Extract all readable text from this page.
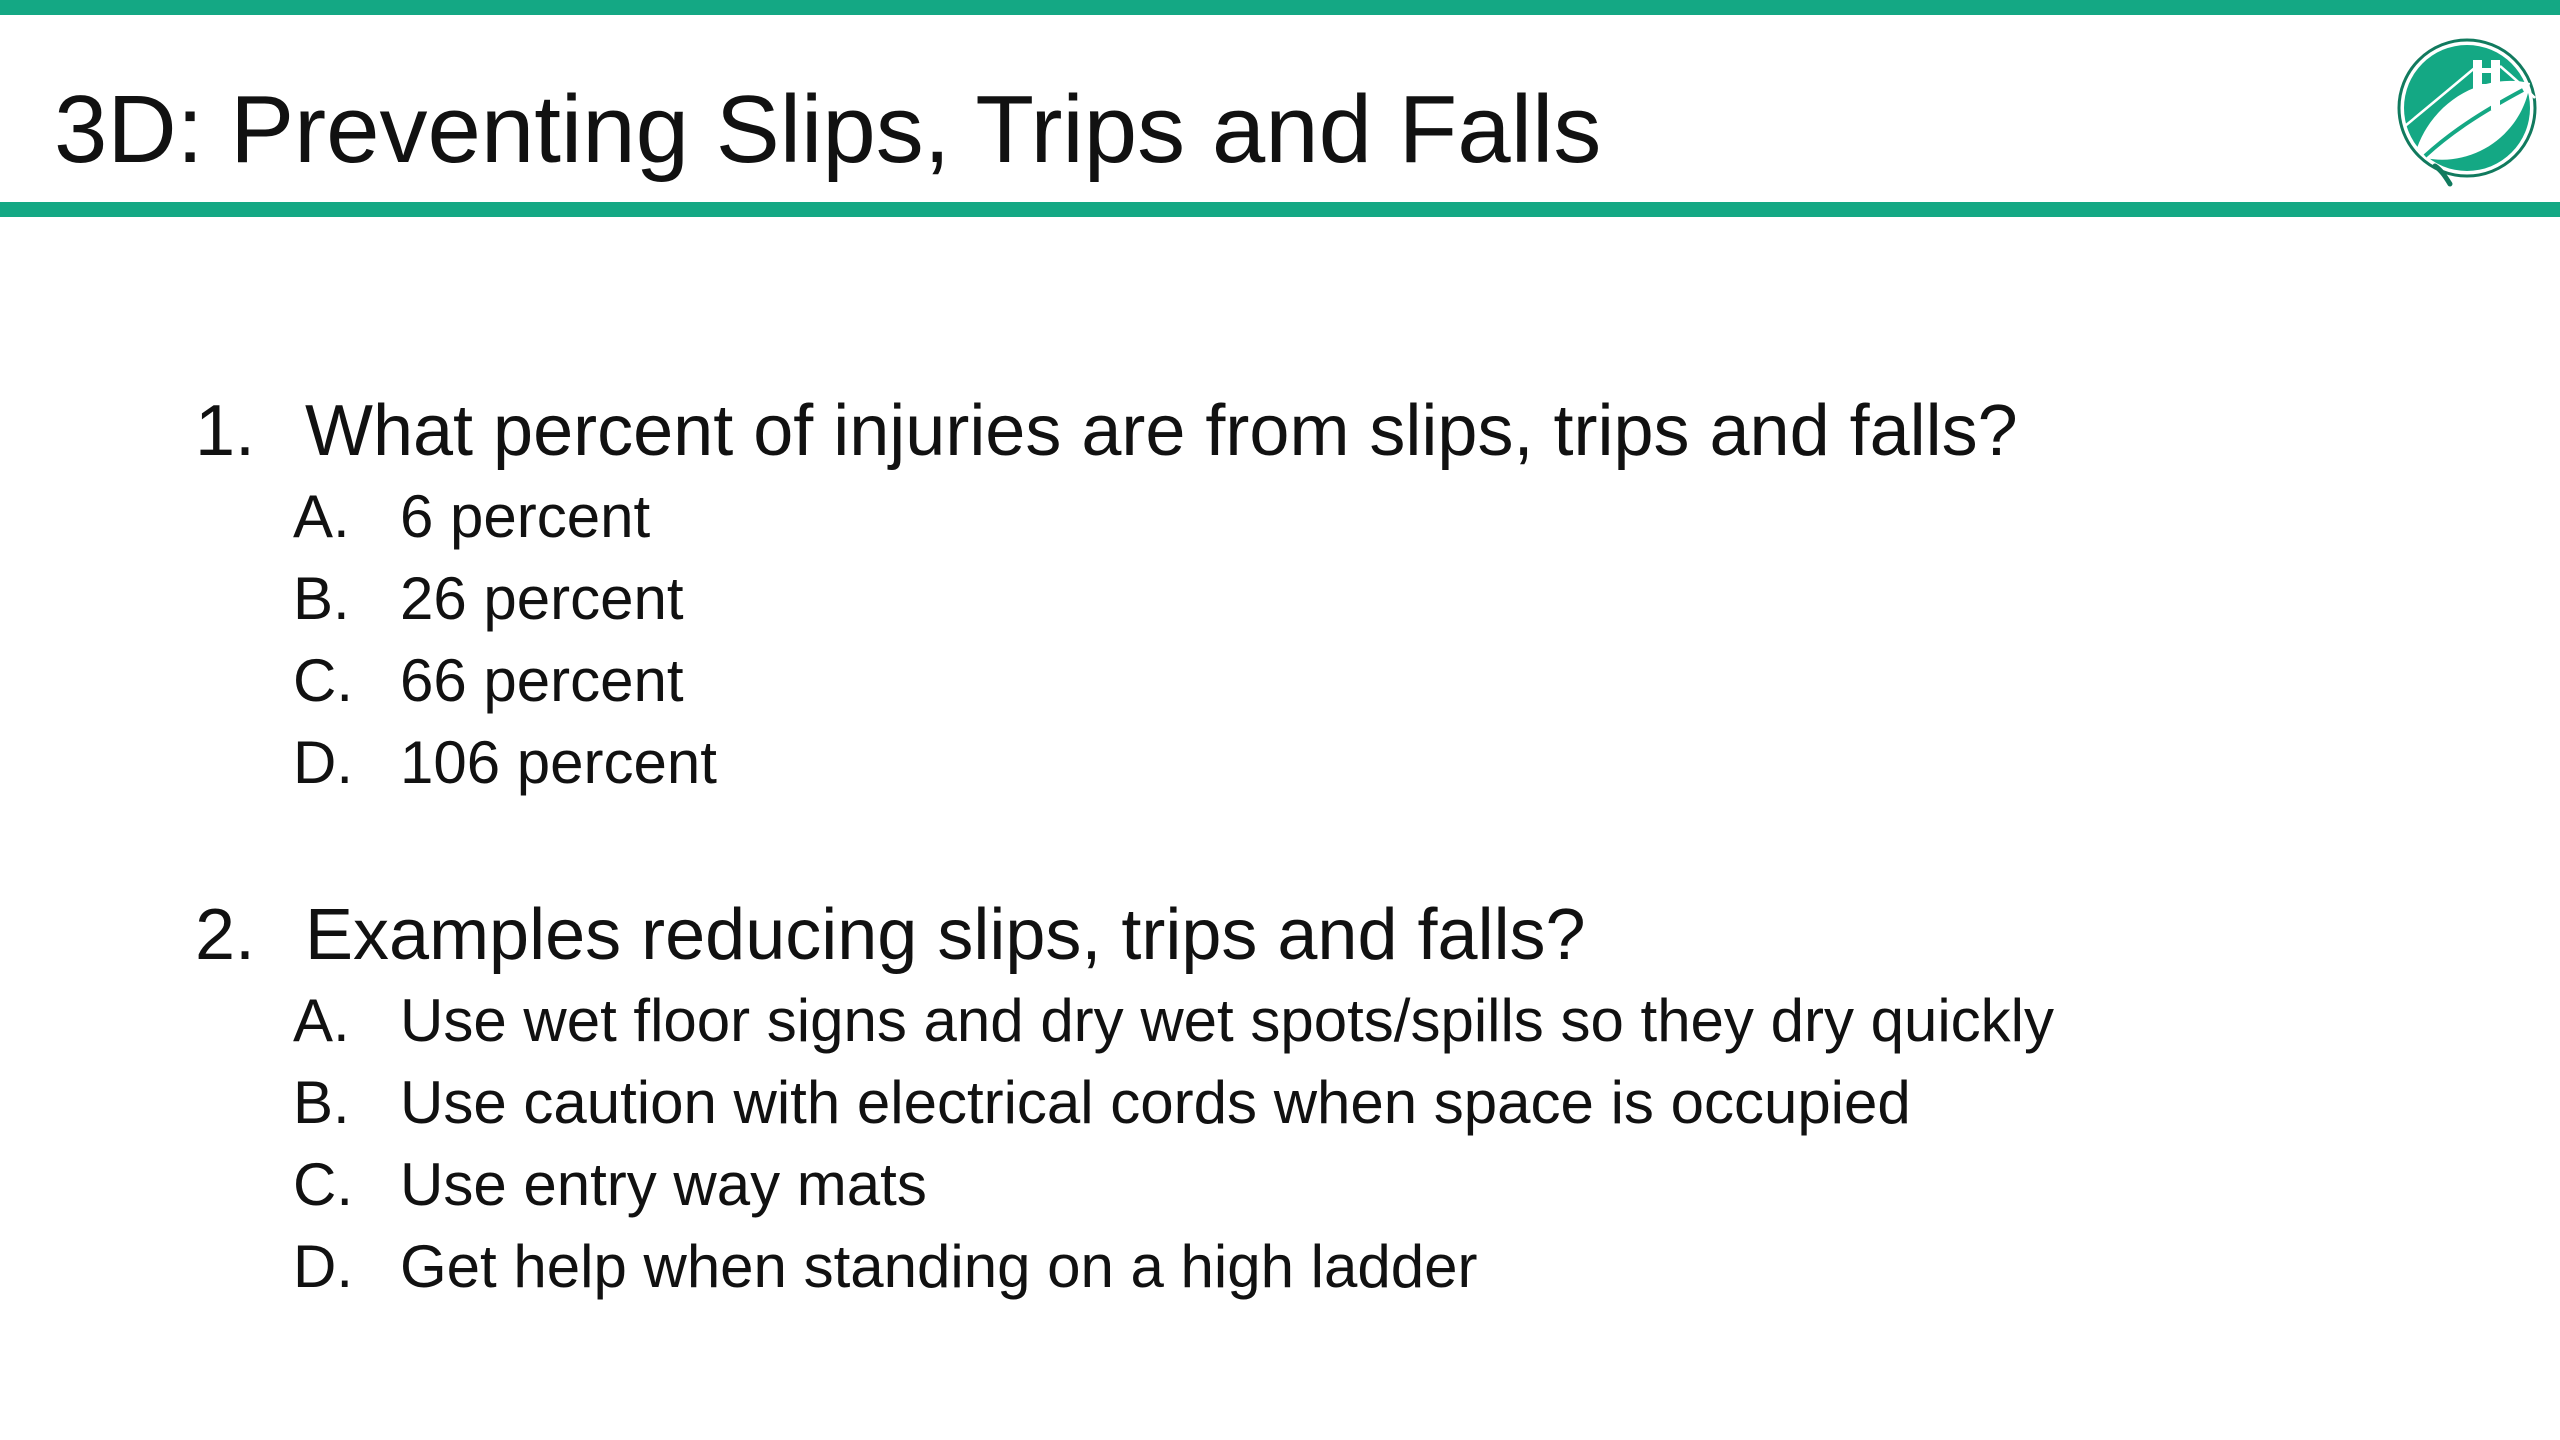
3D: Preventing Slips, Trips and Falls
1. What percent of injuries are from slips, trips and falls?
A. 6 percent
B. 26 percent
C. 66 percent
D. 106 percent
2. Examples reducing slips, trips and falls?
A. Use wet floor signs and dry wet spots/spills so they dry quickly
B. Use caution with electrical cords when space is occupied
C. Use entry way mats
D. Get help when standing on a high ladder
